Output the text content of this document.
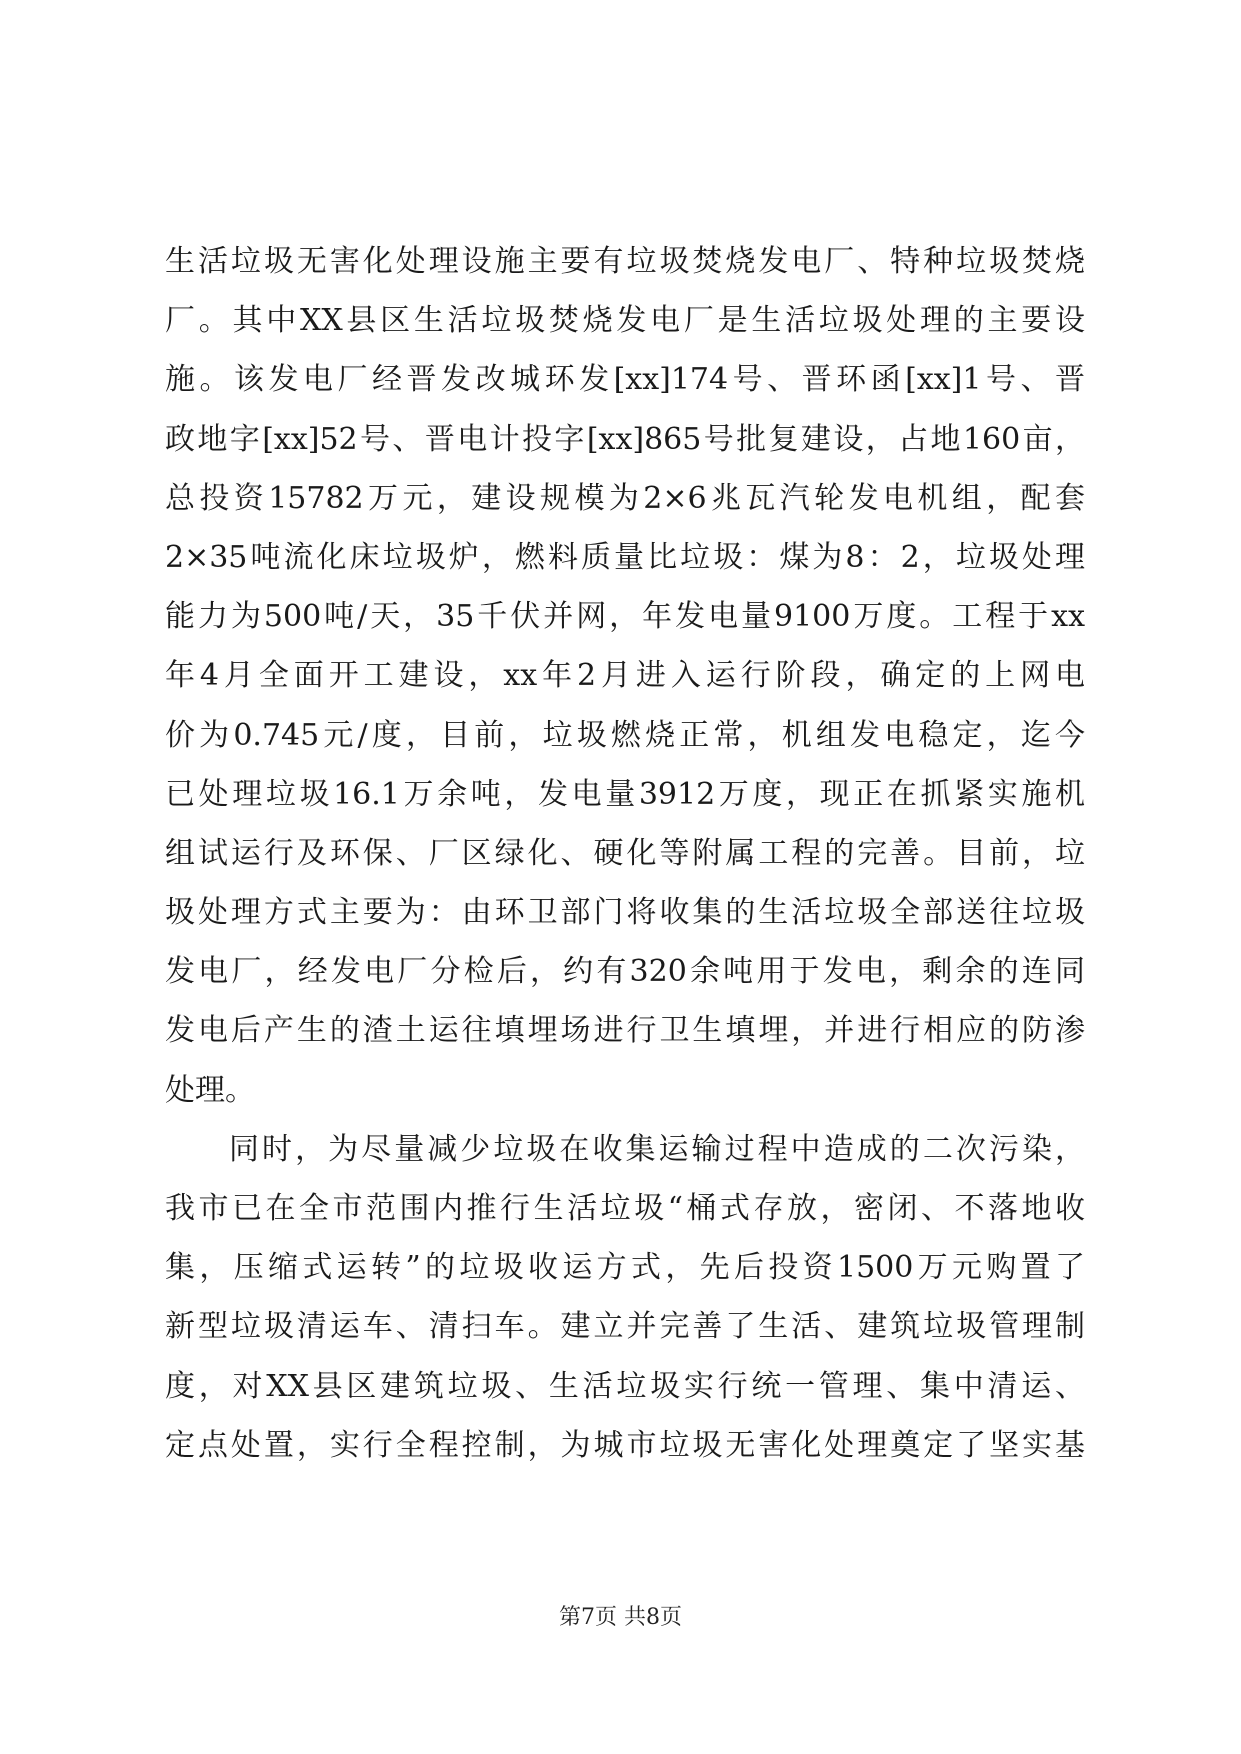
生活垃圾无害化处理设施主要有垃圾焚烧发电厂、特种垃圾焚烧
厂。其中XX县区生活垃圾焚烧发电厂是生活垃圾处理的主要设
施。该发电厂经晋发改城环发[xx]174号、晋环函[xx]1号、晋
政地字[xx]52号、晋电计投字[xx]865号批复建设，占地160亩，
总投资15782万元，建设规模为2×6兆瓦汽轮发电机组，配套
2×35吨流化床垃圾炉，燃料质量比垃圾：煤为8：2，垃圾处理
能力为500吨/天，35千伏并网，年发电量9100万度。工程于xx
年4月全面开工建设，xx年2月进入运行阶段，确定的上网电
价为0.745元/度，目前，垃圾燃烧正常，机组发电稳定，迄今
已处理垃圾16.1万余吨，发电量3912万度，现正在抓紧实施机
组试运行及环保、厂区绿化、硬化等附属工程的完善。目前，垃
圾处理方式主要为：由环卫部门将收集的生活垃圾全部送往垃圾
发电厂，经发电厂分检后，约有320余吨用于发电，剩余的连同
发电后产生的渣土运往填埋场进行卫生填埋，并进行相应的防渗
处理。
同时，为尽量减少垃圾在收集运输过程中造成的二次污染，
我市已在全市范围内推行生活垃圾“桶式存放，密闭、不落地收
集，压缩式运转”的垃圾收运方式，先后投资1500万元购置了
新型垃圾清运车、清扫车。建立并完善了生活、建筑垃圾管理制
度，对XX县区建筑垃圾、生活垃圾实行统一管理、集中清运、
定点处置，实行全程控制，为城市垃圾无害化处理奠定了坚实基
第7页 共8页
